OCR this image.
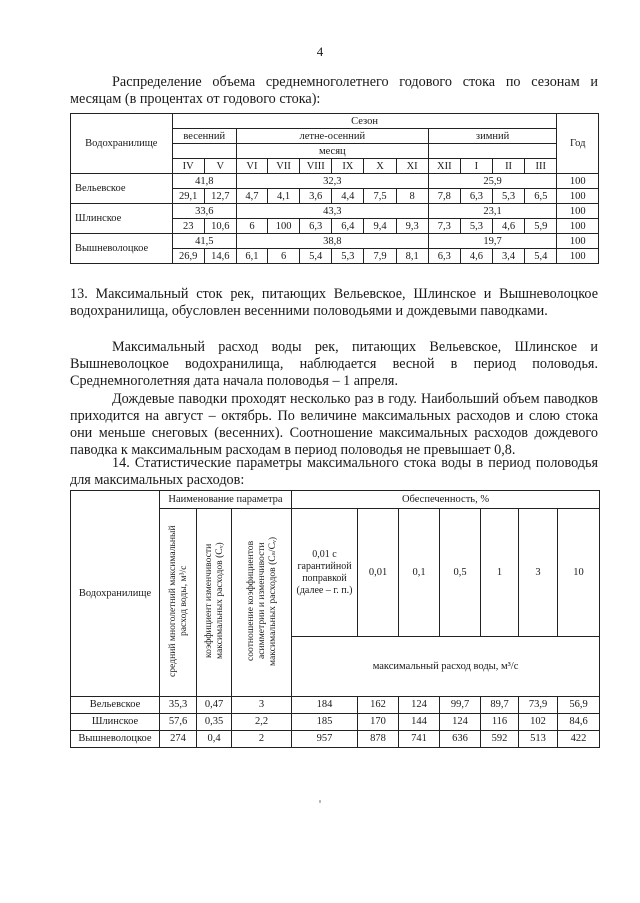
4

Распределение объема среднемноголетнего годового стока по сезонам и месяцам (в процентах от годового стока):

Водохранилище	Сезон												Год
	весенний		летне-осенний						зимний				
			месяц										
	IV	V	VI	VII	VIII	IX	X	XI	XII	I	II	III	
Вельевское	41,8		32,3						25,9				100
	29,1	12,7	4,7	4,1	3,6	4,4	7,5	8	7,8	6,3	5,3	6,5	100
Шлинское	33,6		43,3						23,1				100
	23	10,6	6	100	6,3	6,4	9,4	9,3	7,3	5,3	4,6	5,9	100
Вышневолоцкое	41,5		38,8						19,7				100
	26,9	14,6	6,1	6	5,4	5,3	7,9	8,1	6,3	4,6	3,4	5,4	100

13. Максимальный сток рек, питающих Вельевское, Шлинское и Вышневолоцкое водохранилища, обусловлен весенними половодьями и дождевыми паводками.

Максимальный расход воды рек, питающих Вельевское, Шлинское и Вышневолоцкое водохранилища, наблюдается весной в период половодья. Среднемноголетняя дата начала половодья – 1 апреля.

Дождевые паводки проходят несколько раз в году. Наибольший объем паводков приходится на август – октябрь. По величине максимальных расходов и слою стока они меньше снеговых (весенних). Соотношение максимальных расходов дождевого паводка к максимальным расходам в период половодья не превышает 0,8.

14. Статистические параметры максимального стока воды в период половодья для максимальных расходов:

Водохранилище	Наименование параметра			Обеспеченность, %						
	средний многолетний максимальный расход воды, м³/с	коэффициент изменчивости максимальных расходов (Cᵥ)	соотношение коэффициентов асимметрии и изменчивости максимальных расходов (Cₛ/Cᵥ)	0,01 с гарантийной поправкой (далее – г. п.)	0,01	0,1	0,5	1	3	10
				максимальный расход воды, м³/с						
Вельевское	35,3	0,47	3	184	162	124	99,7	89,7	73,9	56,9
Шлинское	57,6	0,35	2,2	185	170	144	124	116	102	84,6
Вышневолоцкое	274	0,4	2	957	878	741	636	592	513	422
